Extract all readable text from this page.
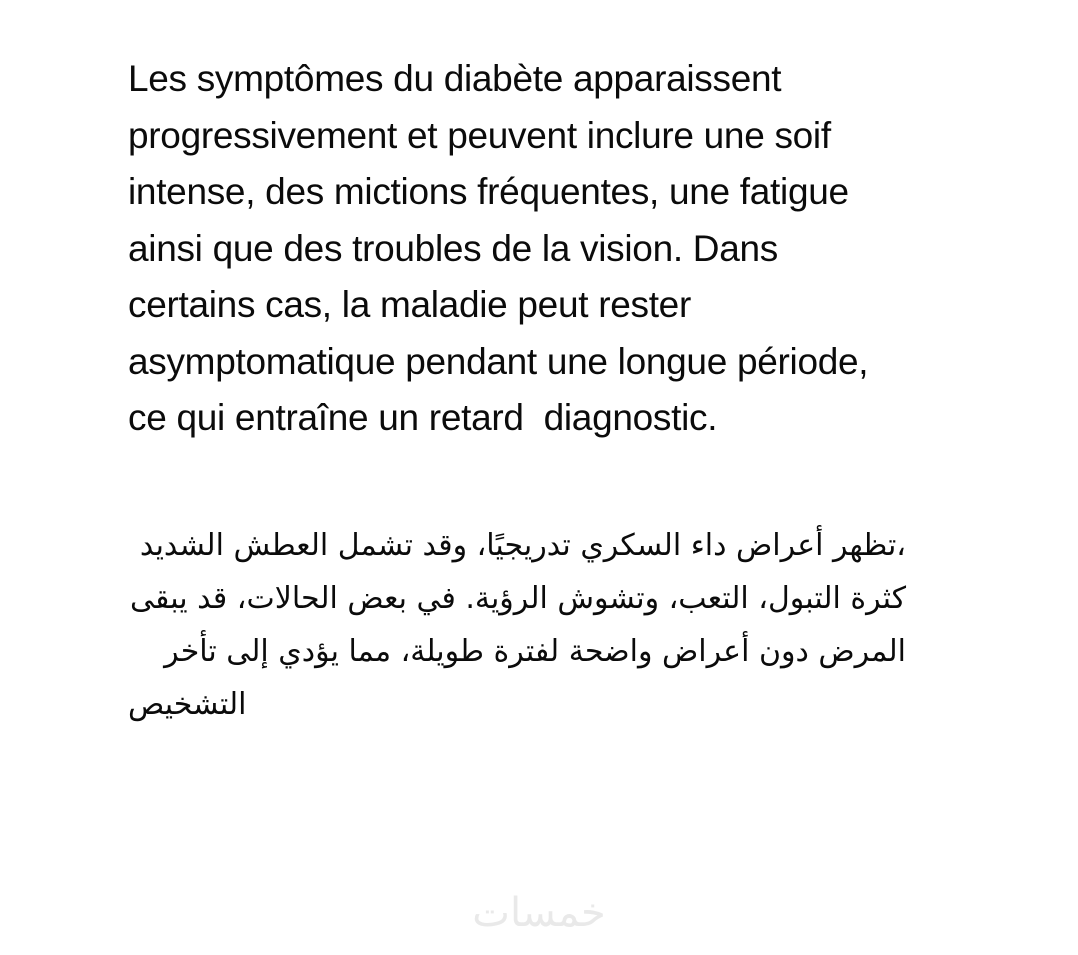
Les symptômes du diabète apparaissent
progressivement et peuvent inclure une soif
intense, des mictions fréquentes, une fatigue
ainsi que des troubles de la vision. Dans
certains cas, la maladie peut rester
asymptomatique pendant une longue période,
ce qui entraîne un retard  diagnostic.
،تظهر أعراض داء السكري تدريجيًا، وقد تشمل العطش الشديد
كثرة التبول، التعب، وتشوش الرؤية. في بعض الحالات، قد يبقى
المرض دون أعراض واضحة لفترة طويلة، مما يؤدي إلى تأخر
التشخيص
خمسات
